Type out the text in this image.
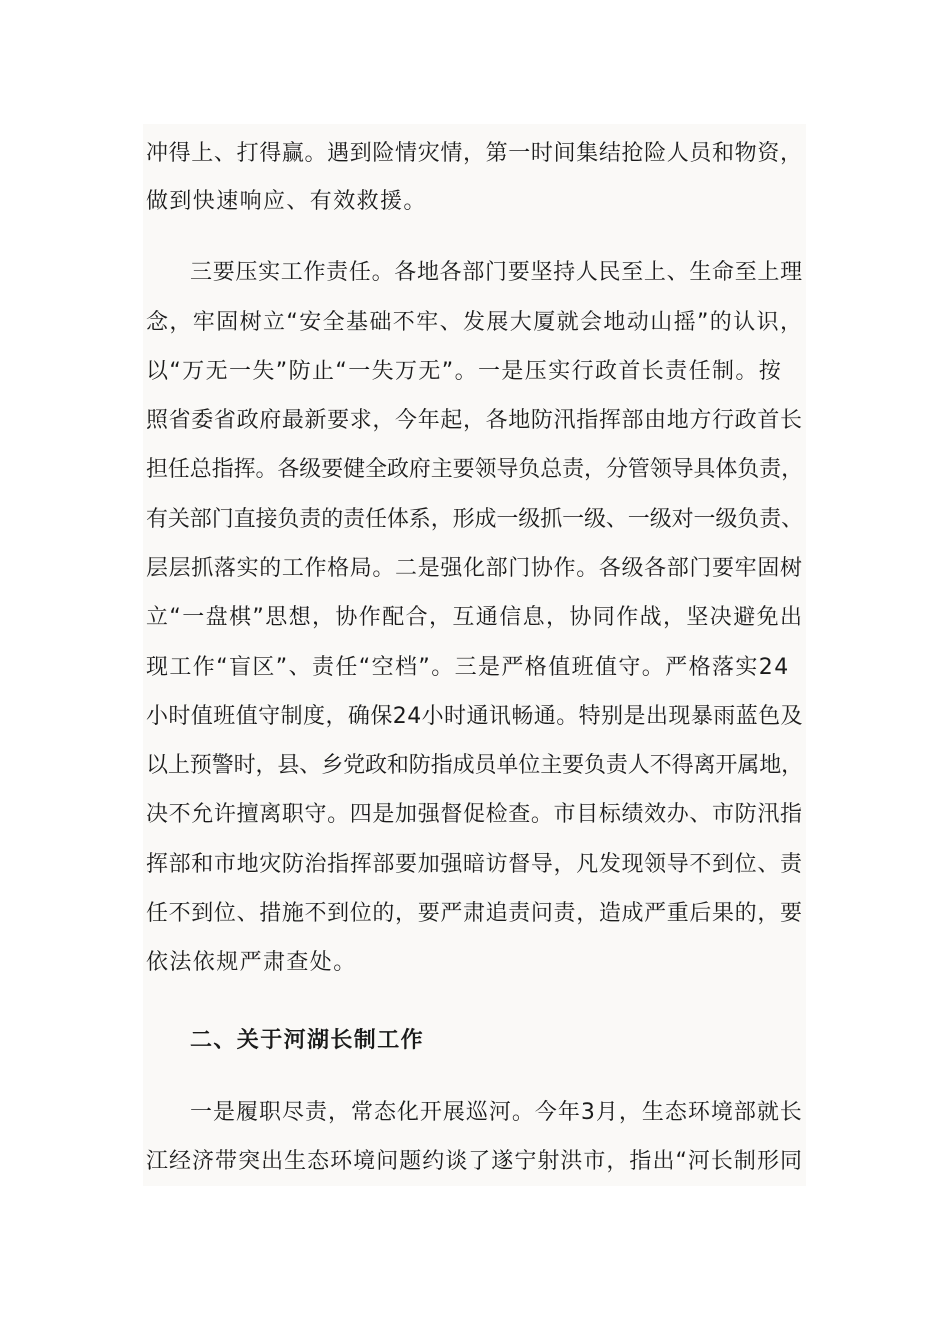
冲得上、打得赢。遇到险情灾情，第一时间集结抢险人员和物资，
做到快速响应、有效救援。
三要压实工作责任。各地各部门要坚持人民至上、生命至上理
念，牢固树立“安全基础不牢、发展大厦就会地动山摇”的认识，
以“万无一失”防止“一失万无”。一是压实行政首长责任制。按
照省委省政府最新要求，今年起，各地防汛指挥部由地方行政首长
担任总指挥。各级要健全政府主要领导负总责，分管领导具体负责，
有关部门直接负责的责任体系，形成一级抓一级、一级对一级负责、
层层抓落实的工作格局。二是强化部门协作。各级各部门要牢固树
立“一盘棋”思想，协作配合，互通信息，协同作战，坚决避免出
现工作“盲区”、责任“空档”。三是严格值班值守。严格落实24
小时值班值守制度，确保24小时通讯畅通。特别是出现暴雨蓝色及
以上预警时，县、乡党政和防指成员单位主要负责人不得离开属地，
决不允许擅离职守。四是加强督促检查。市目标绩效办、市防汛指
挥部和市地灾防治指挥部要加强暗访督导，凡发现领导不到位、责
任不到位、措施不到位的，要严肃追责问责，造成严重后果的，要
依法依规严肃查处。
二、关于河湖长制工作
一是履职尽责，常态化开展巡河。今年3月，生态环境部就长
江经济带突出生态环境问题约谈了遂宁射洪市，指出“河长制形同
